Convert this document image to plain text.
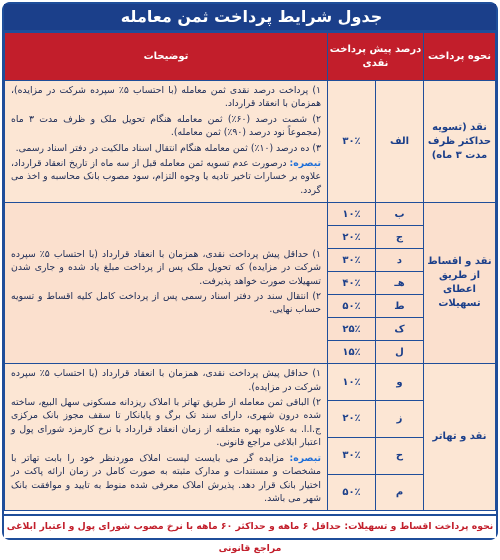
جدول شرایط پرداخت ثمن معامله
نحوه پرداخت	درصد پیش پرداخت نقدی		توضیحات
نقد (تسویه حداکثر ظرف مدت ۳ ماه)	الف	۳۰٪	۱) پرداخت درصد نقدی ثمن معامله (با احتساب ۵٪ سپرده شرکت در مزایده)، همزمان با انعقاد قرارداد.

۲) شصت درصد (۶۰٪) ثمن معامله هنگام تحویل ملک و ظرف مدت ۳ ماه (مجموعاً نود درصد (۹۰٪) ثمن معامله).

۳) ده درصد (۱۰٪) ثمن معامله هنگام انتقال اسناد مالکیت در دفتر اسناد رسمی.

تبصره: درصورت عدم تسویه ثمن معامله قبل از سه ماه از تاریخ انعقاد قرارداد، علاوه بر خسارات تاخیر تادیه یا وجوه التزام، سود مصوب بانک محاسبه و اخذ می گردد.

نقد و اقساط از طریق اعطای تسهیلات	ب	۱۰٪	۱) حداقل پیش پرداخت نقدی، همزمان با انعقاد قرارداد (با احتساب ۵٪ سپرده شرکت در مزایده) که تحویل ملک پس از پرداخت مبلغ یاد شده و جاری شدن تسهیلات صورت خواهد پذیرفت.

۲) انتقال سند در دفتر اسناد رسمی پس از پرداخت کامل کلیه اقساط و تسویه حساب نهایی.

	ج	۲۰٪	
	د	۳۰٪	
	هـ	۴۰٪	
	ط	۵۰٪	
	ک	۲۵٪	
	ل	۱۵٪	
نقد و تهاتر	و	۱۰٪	۱) حداقل پیش پرداخت نقدی، همزمان با انعقاد قرارداد (با احتساب ۵٪ سپرده شرکت در مزایده).

۲) الباقی ثمن معامله از طریق تهاتر با املاک ریزدانه مسکونی سهل البیع، ساخته شده درون شهری، دارای سند تک برگ و پایانکار تا سقف مجوز بانک مرکزی ج.ا.ا. به علاوه بهره متعلقه از زمان انعقاد قرارداد با نرخ کارمزد شورای پول و اعتبار ابلاغی مراجع قانونی.

تبصره: مزایده گر می بایست لیست املاک موردنظر خود را بابت تهاتر با مشخصات و مستندات و مدارک مثبته به صورت کامل در زمان ارائه پاکت در اختیار بانک قرار دهد. پذیرش املاک معرفی شده منوط به تایید و موافقت بانک شهر می باشد.

	ز	۲۰٪	
	ح	۳۰٪	
	م	۵۰٪	
نحوه پرداخت اقساط و تسهیلات: حداقل ۶ ماهه و حداکثر ۶۰ ماهه با نرخ مصوب شورای پول و اعتبار ابلاغی مراجع قانونی
